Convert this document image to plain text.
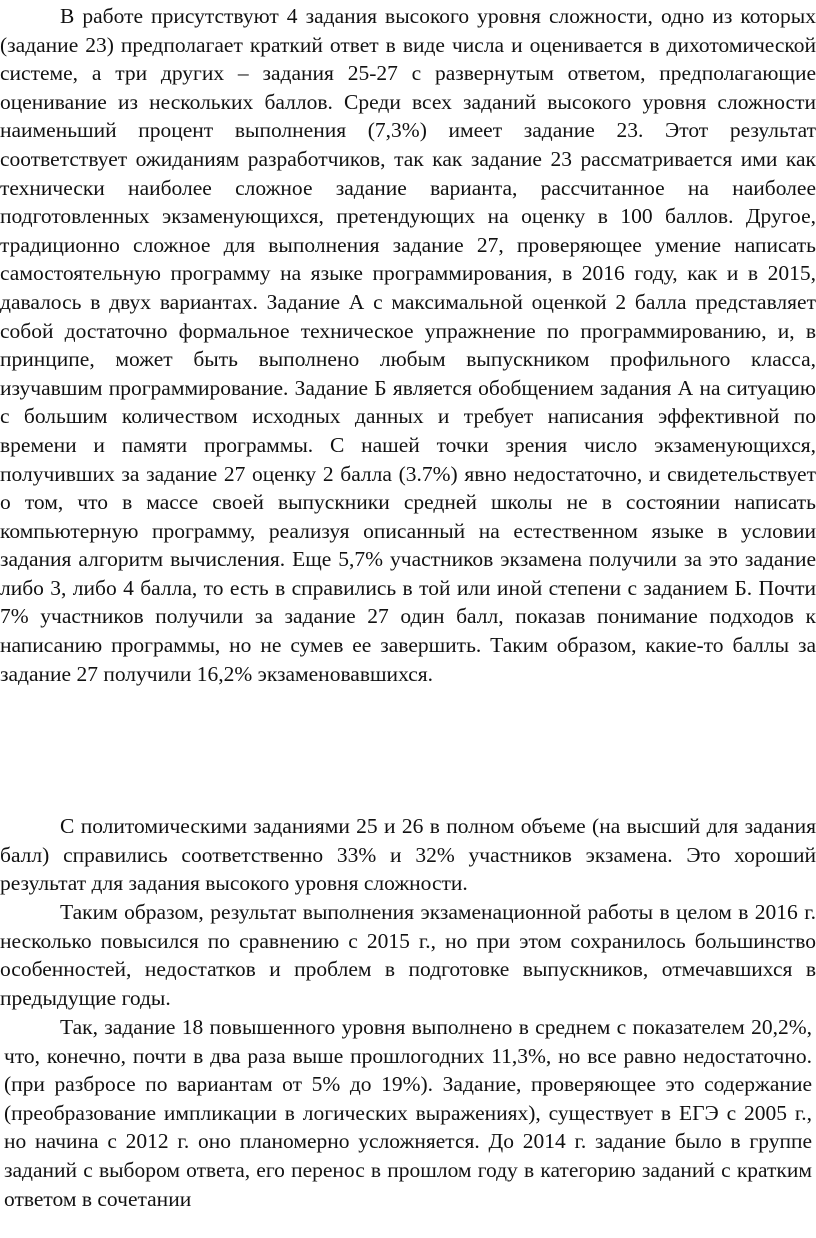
В работе присутствуют 4 задания высокого уровня сложности, одно из которых (задание 23) предполагает краткий ответ в виде числа и оценивается в дихотомической системе, а три других – задания 25-27 с развернутым ответом, предполагающие оценивание из нескольких баллов. Среди всех заданий высокого уровня сложности наименьший процент выполнения (7,3%) имеет задание 23. Этот результат соответствует ожиданиям разработчиков, так как задание 23 рассматривается ими как технически наиболее сложное задание варианта, рассчитанное на наиболее подготовленных экзаменующихся, претендующих на оценку в 100 баллов. Другое, традиционно сложное для выполнения задание 27, проверяющее умение написать самостоятельную программу на языке программирования, в 2016 году, как и в 2015, давалось в двух вариантах. Задание А с максимальной оценкой 2 балла представляет собой достаточно формальное техническое упражнение по программированию, и, в принципе, может быть выполнено любым выпускником профильного класса, изучавшим программирование. Задание Б является обобщением задания А на ситуацию с большим количеством исходных данных и требует написания эффективной по времени и памяти программы. С нашей точки зрения число экзаменующихся, получивших за задание 27 оценку 2 балла (3.7%) явно недостаточно, и свидетельствует о том, что в массе своей выпускники средней школы не в состоянии написать компьютерную программу, реализуя описанный на естественном языке в условии задания алгоритм вычисления. Еще 5,7% участников экзамена получили за это задание либо 3, либо 4 балла, то есть в справились в той или иной степени с заданием Б. Почти 7% участников получили за задание 27 один балл, показав понимание подходов к написанию программы, но не сумев ее завершить. Таким образом, какие-то баллы за задание 27 получили 16,2% экзаменовавшихся.

С политомическими заданиями 25 и 26 в полном объеме (на высший для задания балл) справились соответственно 33% и 32% участников экзамена. Это хороший результат для задания высокого уровня сложности.

Таким образом, результат выполнения экзаменационной работы в целом в 2016 г. несколько повысился по сравнению с 2015 г., но при этом сохранилось большинство особенностей, недостатков и проблем в подготовке выпускников, отмечавшихся в предыдущие годы.

Так, задание 18 повышенного уровня выполнено в среднем с показателем 20,2%, что, конечно, почти в два раза выше прошлогодних 11,3%, но все равно недостаточно. (при разбросе по вариантам от 5% до 19%). Задание, проверяющее это содержание (преобразование импликации в логических выражениях), существует в ЕГЭ с 2005 г., но начина с 2012 г. оно планомерно усложняется. До 2014 г. задание было в группе заданий с выбором ответа, его перенос в прошлом году в категорию заданий с кратким ответом в сочетании
